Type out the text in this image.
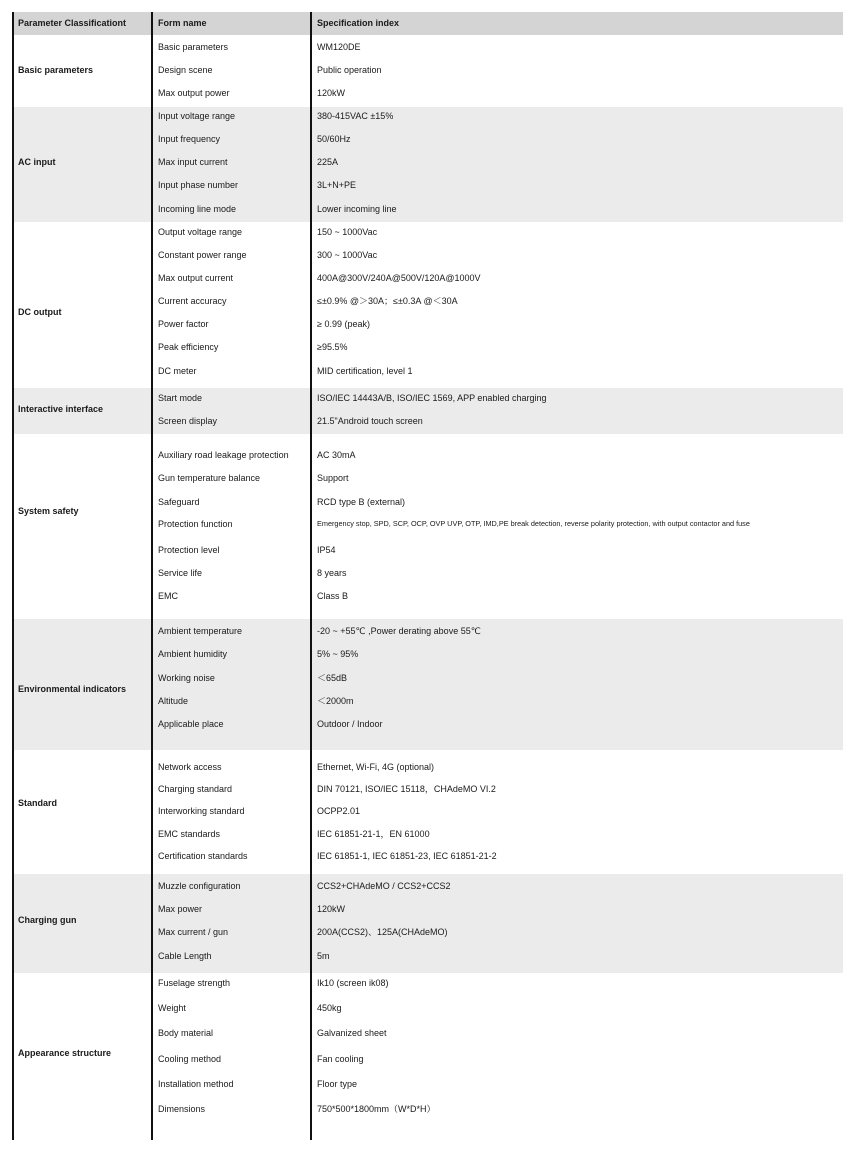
Parameter Classificationt	Form name	Specification index
Basic parameters
Basic parameters	WM120DE
Design scene	Public operation
Max output power	120kW
AC input
Input voltage range	380-415VAC ±15%
Input frequency	50/60Hz
Max input current	225A
Input phase number	3L+N+PE
Incoming line mode	Lower incoming line
DC output
Output voltage range	150 ~ 1000Vac
Constant power range	300 ~ 1000Vac
Max output current	400A@300V/240A@500V/120A@1000V
Current accuracy	≤±0.9% @＞30A；≤±0.3A @＜30A
Power factor	≥ 0.99 (peak)
Peak efficiency	≥95.5%
DC meter	MID certification, level 1
Interactive interface
Start mode	ISO/IEC 14443A/B, ISO/IEC 1569, APP enabled charging
Screen display	21.5"Android touch screen
System safety
Auxiliary road leakage protection	AC 30mA
Gun temperature balance	Support
Safeguard	RCD type B (external)
Protection function	Emergency stop, SPD, SCP, OCP, OVP UVP, OTP, IMD,PE break detection, reverse polarity protection, with output contactor and fuse
Protection level	IP54
Service life	8 years
EMC	Class B
Environmental indicators
Ambient temperature	-20 ~ +55℃ ,Power derating above 55℃
Ambient humidity	5% ~ 95%
Working noise	＜65dB
Altitude	＜2000m
Applicable place	Outdoor / Indoor
Standard
Network access	Ethernet, Wi-Fi, 4G (optional)
Charging standard	DIN 70121, ISO/IEC 15118，CHAdeMO VI.2
Interworking standard	OCPP2.01
EMC standards	IEC 61851-21-1，EN 61000
Certification standards	IEC 61851-1, IEC 61851-23, IEC 61851-21-2
Charging gun
Muzzle configuration	CCS2+CHAdeMO / CCS2+CCS2
Max power	120kW
Max current / gun	200A(CCS2)、125A(CHAdeMO)
Cable Length	5m
Appearance structure
Fuselage strength	Ik10 (screen ik08)
Weight	450kg
Body material	Galvanized sheet
Cooling method	Fan cooling
Installation method	Floor type
Dimensions	750*500*1800mm（W*D*H）
